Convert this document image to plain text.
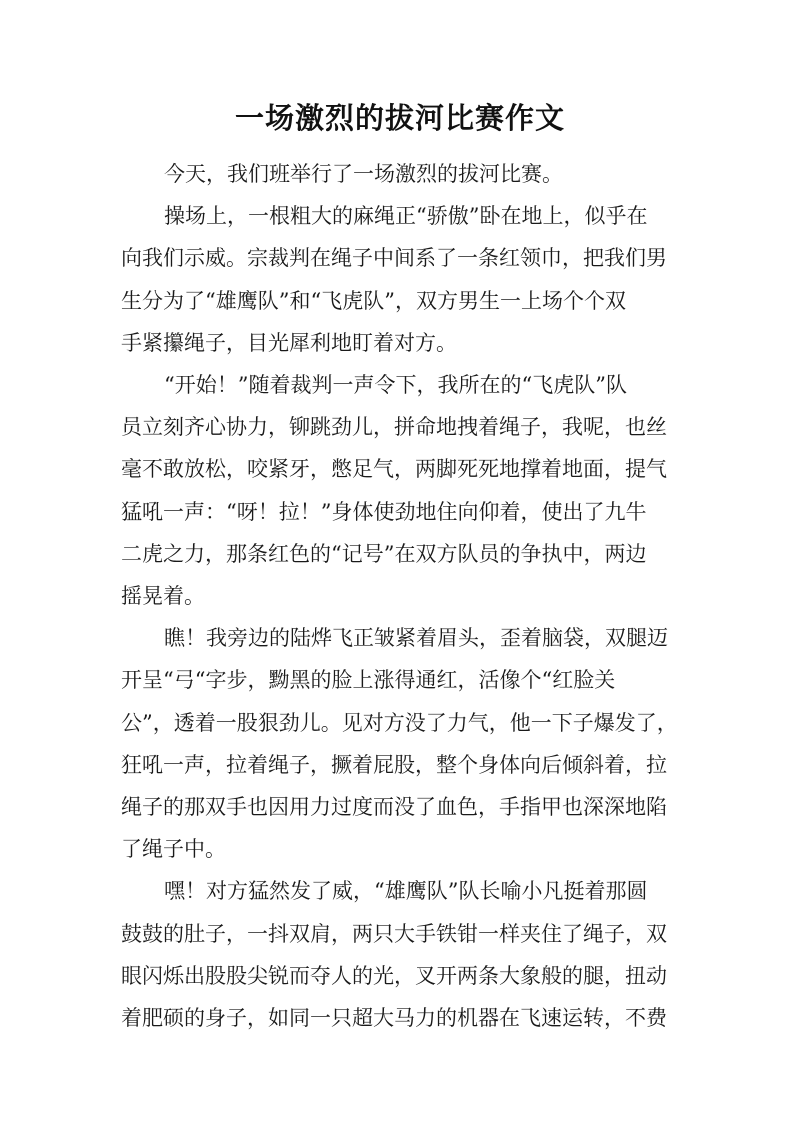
一场激烈的拔河比赛作文
今天，我们班举行了一场激烈的拔河比赛。
操场上，一根粗大的麻绳正“骄傲”卧在地上，似乎在
向我们示威。宗裁判在绳子中间系了一条红领巾，把我们男
生分为了“雄鹰队”和“飞虎队”，双方男生一上场个个双
手紧攥绳子，目光犀利地盯着对方。
“开始！”随着裁判一声令下，我所在的“飞虎队”队
员立刻齐心协力，铆跳劲儿，拼命地拽着绳子，我呢，也丝
毫不敢放松，咬紧牙，憋足气，两脚死死地撑着地面，提气
猛吼一声：“呀！拉！”身体使劲地住向仰着，使出了九牛
二虎之力，那条红色的“记号”在双方队员的争执中，两边
摇晃着。
瞧！我旁边的陆烨飞正皱紧着眉头，歪着脑袋，双腿迈
开呈“弓“字步，黝黑的脸上涨得通红，活像个“红脸关
公”，透着一股狠劲儿。见对方没了力气，他一下子爆发了，
狂吼一声，拉着绳子，撅着屁股，整个身体向后倾斜着，拉
绳子的那双手也因用力过度而没了血色，手指甲也深深地陷
了绳子中。
嘿！对方猛然发了威，“雄鹰队”队长喻小凡挺着那圆
鼓鼓的肚子，一抖双肩，两只大手铁钳一样夹住了绳子，双
眼闪烁出股股尖锐而夺人的光，叉开两条大象般的腿，扭动
着肥硕的身子，如同一只超大马力的机器在飞速运转，不费
